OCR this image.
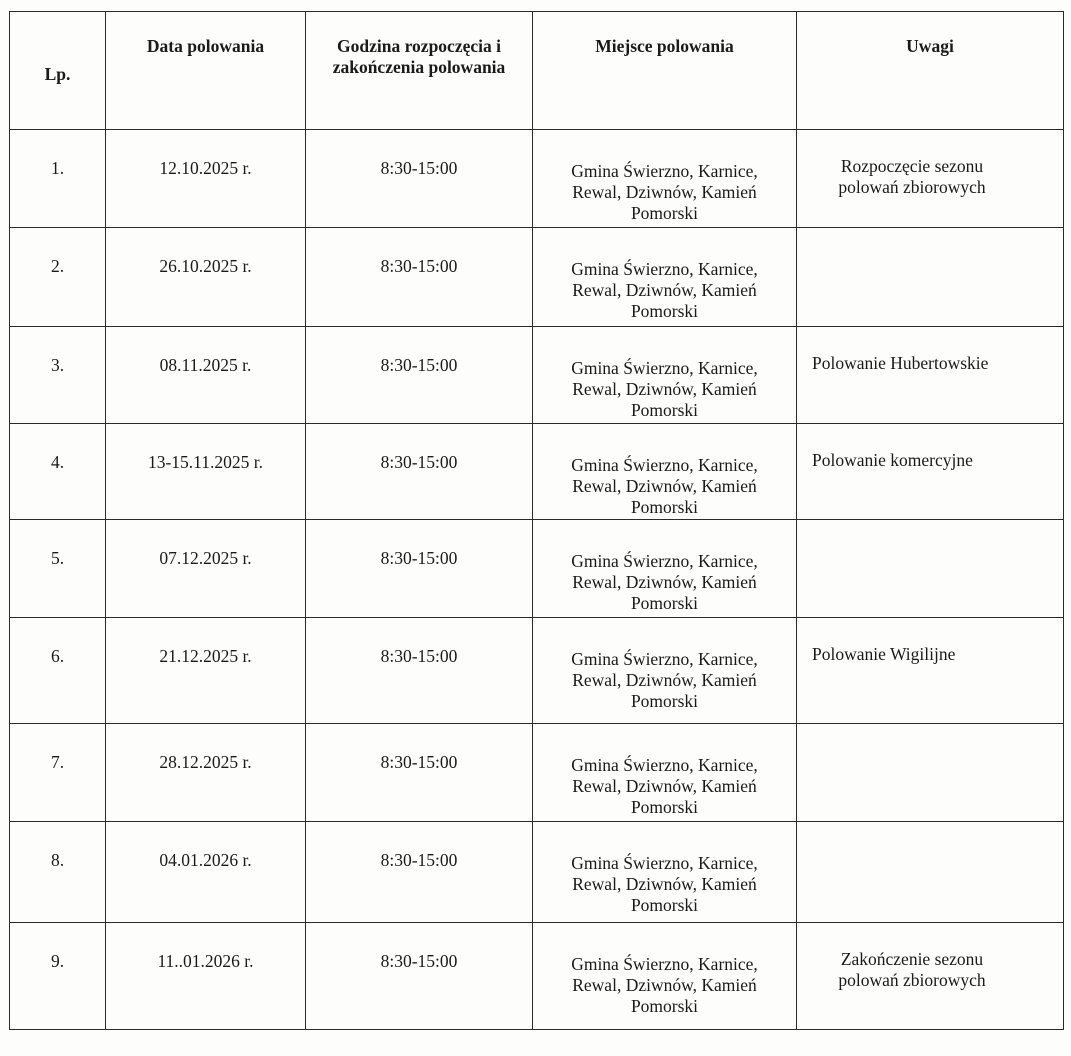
Lp.	Data polowania	Godzina rozpoczęcia i zakończenia polowania	Miejsce polowania	Uwagi
1.	12.10.2025 r.	8:30-15:00	Gmina Świerzno, Karnice, Rewal, Dziwnów, Kamień Pomorski	Rozpoczęcie sezonu polowań zbiorowych

2.	26.10.2025 r.	8:30-15:00	Gmina Świerzno, Karnice, Rewal, Dziwnów, Kamień Pomorski	

3.	08.11.2025 r.	8:30-15:00	Gmina Świerzno, Karnice, Rewal, Dziwnów, Kamień Pomorski	Polowanie Hubertowskie
4.	13-15.11.2025 r.	8:30-15:00	Gmina Świerzno, Karnice, Rewal, Dziwnów, Kamień Pomorski	Polowanie komercyjne
5.	07.12.2025 r.	8:30-15:00	Gmina Świerzno, Karnice, Rewal, Dziwnów, Kamień Pomorski	

6.	21.12.2025 r.	8:30-15:00	Gmina Świerzno, Karnice, Rewal, Dziwnów, Kamień Pomorski	Polowanie Wigilijne
7.	28.12.2025 r.	8:30-15:00	Gmina Świerzno, Karnice, Rewal, Dziwnów, Kamień Pomorski	

8.	04.01.2026 r.	8:30-15:00	Gmina Świerzno, Karnice, Rewal, Dziwnów, Kamień Pomorski	

9.	11..01.2026 r.	8:30-15:00	Gmina Świerzno, Karnice, Rewal, Dziwnów, Kamień Pomorski	Zakończenie sezonu polowań zbiorowych
